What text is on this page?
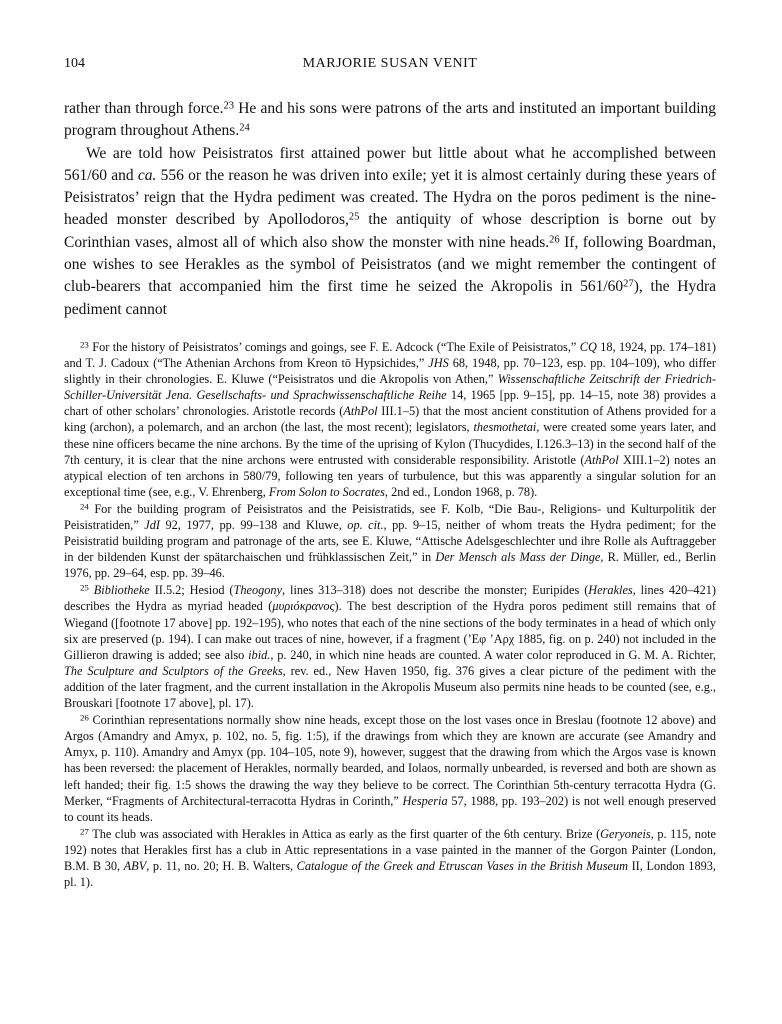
MARJORIE SUSAN VENIT
104

rather than through force.$^{23}$ He and his sons were patrons of the arts and instituted an important building program throughout Athens.$^{24}$

We are told how Peisistratos first attained power but little about what he accomplished between 561/60 and ca. 556 or the reason he was driven into exile; yet it is almost certainly during these years of Peisistratos’ reign that the Hydra pediment was created. The Hydra on the poros pediment is the nine-headed monster described by Apollodoros,$^{25}$ the antiquity of whose description is borne out by Corinthian vases, almost all of which also show the monster with nine heads.$^{26}$ If, following Boardman, one wishes to see Herakles as the symbol of Peisistratos (and we might remember the contingent of club-bearers that accompanied him the first time he seized the Akropolis in $561/60^{27}$), the Hydra pediment cannot

$^{23}$ For the history of Peisistratos’ comings and goings, see F. E. Adcock (“The Exile of Peisistratos,” CQ 18, 1924, pp. 174–181) and T. J. Cadoux (“The Athenian Archons from Kreon tō Hypsichides,” JHS 68, 1948, pp. 70–123, esp. pp. 104–109), who differ slightly in their chronologies. E. Kluwe (“Peisistratos und die Akropolis von Athen,” Wissenschaftliche Zeitschrift der Friedrich-Schiller-Universität Jena. Gesellschafts- und Sprachwissenschaftliche Reihe 14, 1965 [pp. 9–15], pp. 14–15, note 38) provides a chart of other scholars’ chronologies. Aristotle records (AthPol III.1–5) that the most ancient constitution of Athens provided for a king (archon), a polemarch, and an archon (the last, the most recent); legislators, thesmothetai, were created some years later, and these nine officers became the nine archons. By the time of the uprising of Kylon (Thucydides, I.126.3–13) in the second half of the 7th century, it is clear that the nine archons were entrusted with considerable responsibility. Aristotle (AthPol XIII.1–2) notes an atypical election of ten archons in 580/79, following ten years of turbulence, but this was apparently a singular solution for an exceptional time (see, e.g., V. Ehrenberg, From Solon to Socrates, 2nd ed., London 1968, p. 78).

$^{24}$ For the building program of Peisistratos and the Peisistratids, see F. Kolb, “Die Bau-, Religions- und Kulturpolitik der Peisistratiden,” JdI 92, 1977, pp. 99–138 and Kluwe, op. cit., pp. 9–15, neither of whom treats the Hydra pediment; for the Peisistratid building program and patronage of the arts, see E. Kluwe, “Attische Adelsgeschlechter und ihre Rolle als Auftraggeber in der bildenden Kunst der spätarchaischen und frühklassischen Zeit,” in Der Mensch als Mass der Dinge, R. Müller, ed., Berlin 1976, pp. 29–64, esp. pp. 39–46.

$^{25}$ Bibliotheke II.5.2; Hesiod (Theogony, lines 313–318) does not describe the monster; Euripides (Herakles, lines 420–421) describes the Hydra as myriad headed (μυριόκρανος). The best description of the Hydra poros pediment still remains that of Wiegand ([footnote 17 above] pp. 192–195), who notes that each of the nine sections of the body terminates in a head of which only six are preserved (p. 194). I can make out traces of nine, however, if a fragment (’Εφ ’Αρχ 1885, fig. on p. 240) not included in the Gillieron drawing is added; see also ibid., p. 240, in which nine heads are counted. A water color reproduced in G. M. A. Richter, The Sculpture and Sculptors of the Greeks, rev. ed., New Haven 1950, fig. 376 gives a clear picture of the pediment with the addition of the later fragment, and the current installation in the Akropolis Museum also permits nine heads to be counted (see, e.g., Brouskari [footnote 17 above], pl. 17).

$^{26}$ Corinthian representations normally show nine heads, except those on the lost vases once in Breslau (footnote 12 above) and Argos (Amandry and Amyx, p. 102, no. 5, fig. 1:5), if the drawings from which they are known are accurate (see Amandry and Amyx, p. 110). Amandry and Amyx (pp. 104–105, note 9), however, suggest that the drawing from which the Argos vase is known has been reversed: the placement of Herakles, normally bearded, and Iolaos, normally unbearded, is reversed and both are shown as left handed; their fig. 1:5 shows the drawing the way they believe to be correct. The Corinthian 5th-century terracotta Hydra (G. Merker, “Fragments of Architectural-terracotta Hydras in Corinth,” Hesperia 57, 1988, pp. 193–202) is not well enough preserved to count its heads.

$^{27}$ The club was associated with Herakles in Attica as early as the first quarter of the 6th century. Brize (Geryoneis, p. 115, note 192) notes that Herakles first has a club in Attic representations in a vase painted in the manner of the Gorgon Painter (London, B.M. B 30, ABV, p. 11, no. 20; H. B. Walters, Catalogue of the Greek and Etruscan Vases in the British Museum II, London 1893, pl. 1).
